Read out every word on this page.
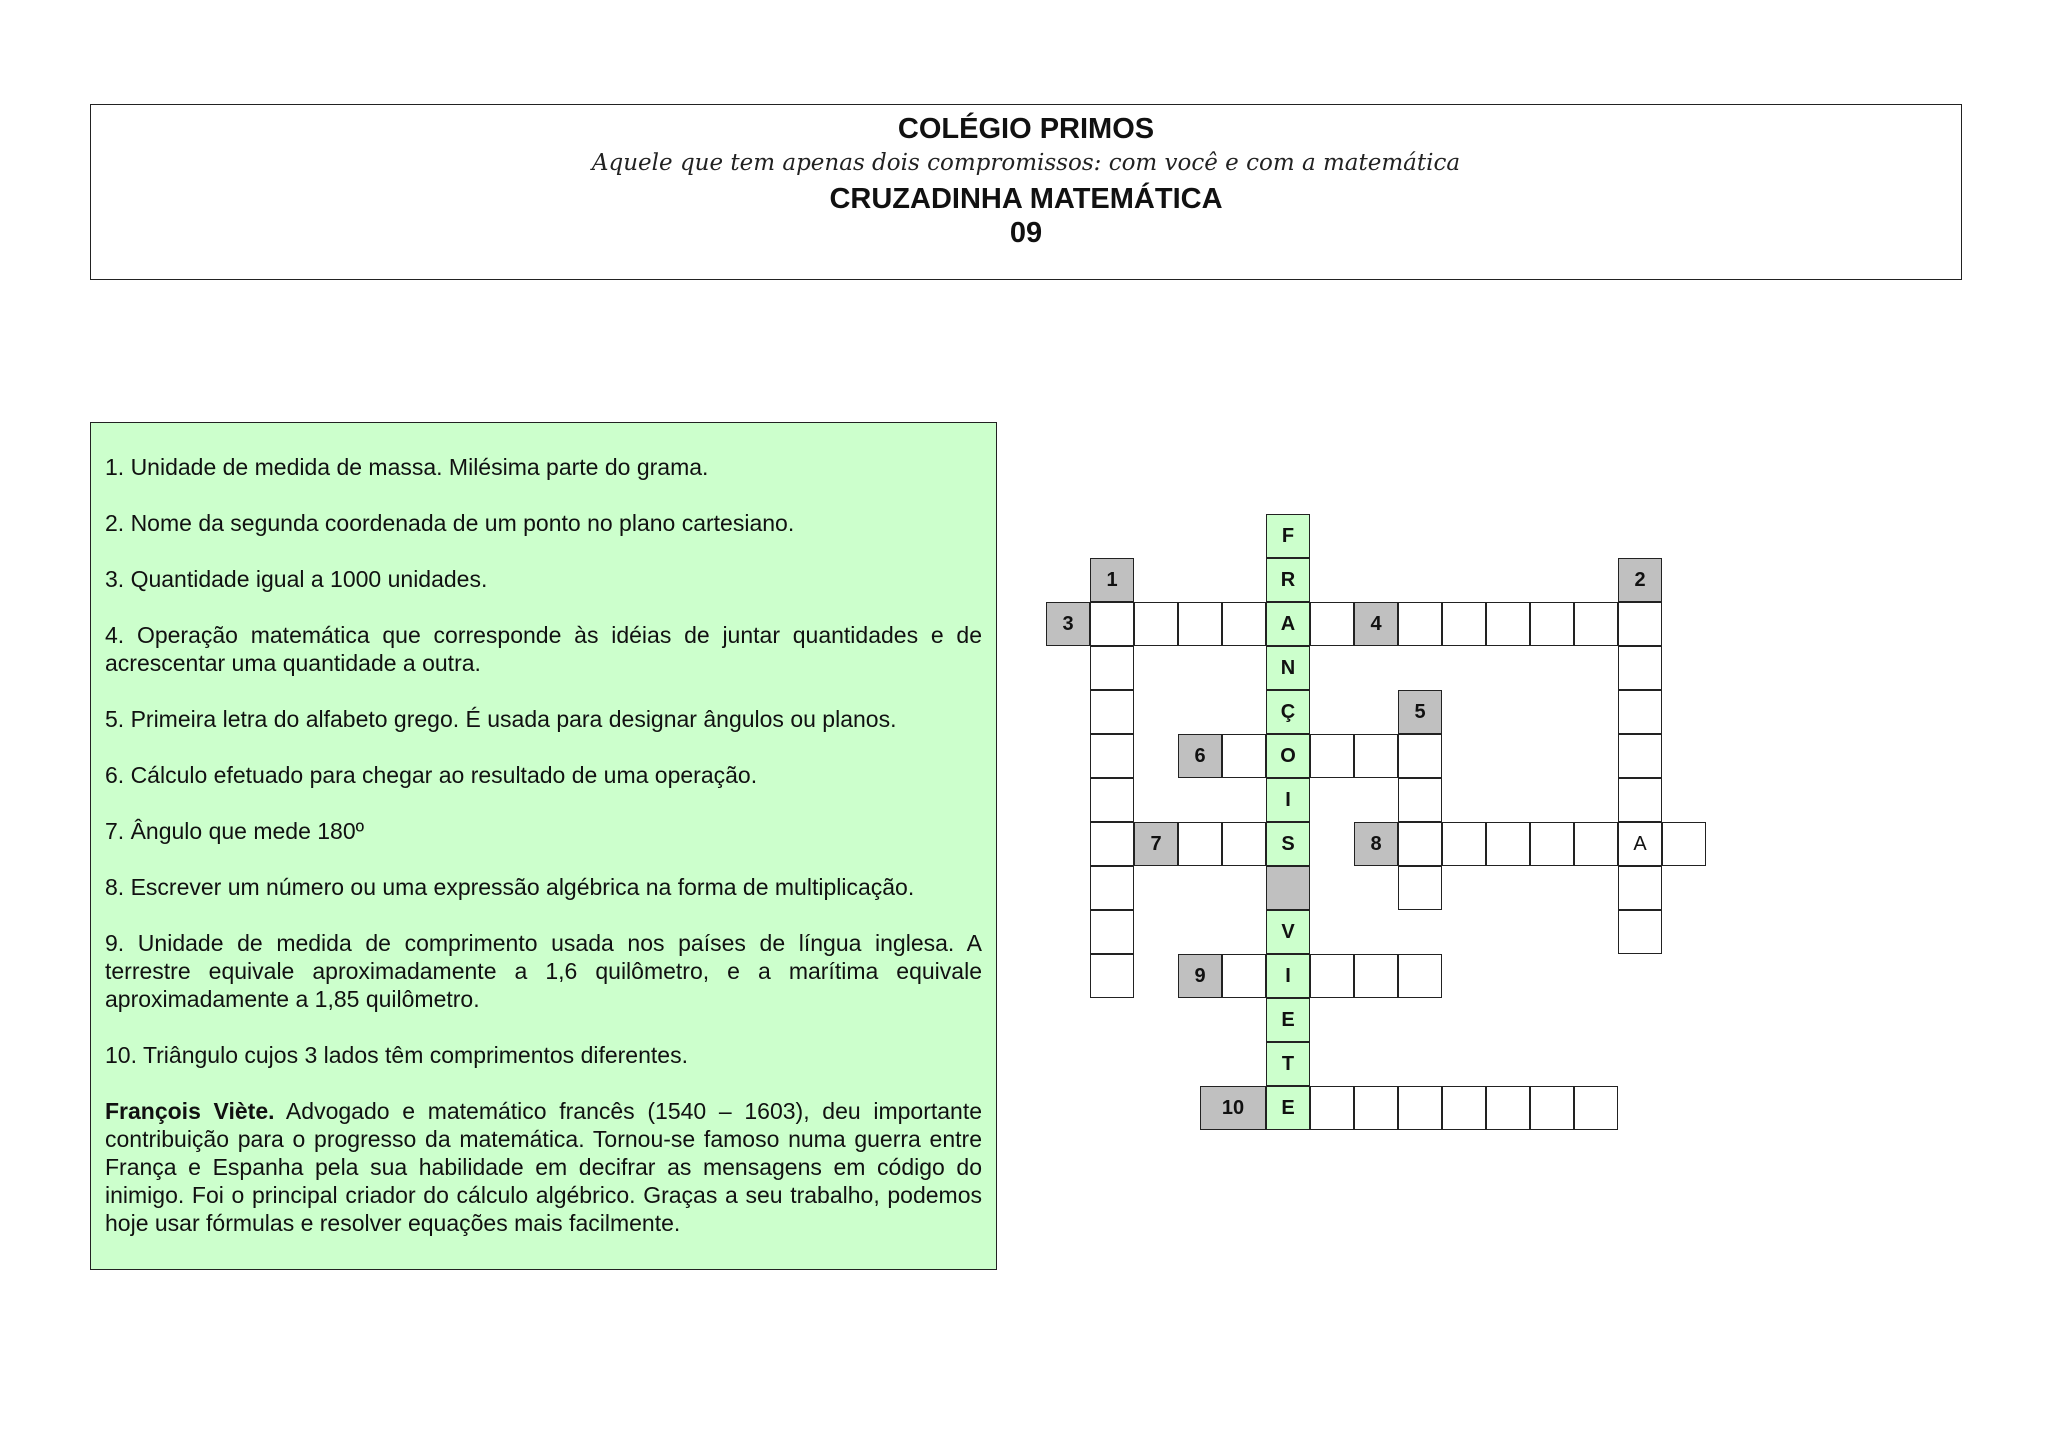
COLÉGIO PRIMOS
Aquele que tem apenas dois compromissos: com você e com a matemática
CRUZADINHA MATEMÁTICA
09
1. Unidade de medida de massa. Milésima parte do grama.
2. Nome da segunda coordenada de um ponto no plano cartesiano.
3. Quantidade igual a 1000 unidades.
4. Operação matemática que corresponde às idéias de juntar quantidades e de acrescentar uma quantidade a outra.
5. Primeira letra do alfabeto grego. É usada para designar ângulos ou planos.
6. Cálculo efetuado para chegar ao resultado de uma operação.
7. Ângulo que mede 180º
8. Escrever um número ou uma expressão algébrica na forma de multiplicação.
9. Unidade de medida de comprimento usada nos países de língua inglesa. A terrestre equivale aproximadamente a 1,6 quilômetro, e a marítima equivale aproximadamente a 1,85 quilômetro.
10. Triângulo cujos 3 lados têm comprimentos diferentes.
François Viète. Advogado e matemático francês (1540 – 1603), deu importante contribuição para o progresso da matemática. Tornou-se famoso numa guerra entre França e Espanha pela sua habilidade em decifrar as mensagens em código do inimigo. Foi o principal criador do cálculo algébrico. Graças a seu trabalho, podemos hoje usar fórmulas e resolver equações mais facilmente.
F
R
A
N
Ç
O
I
S
V
I
E
T
E
3	4
1	2
A
5
6
7	8
9
10
